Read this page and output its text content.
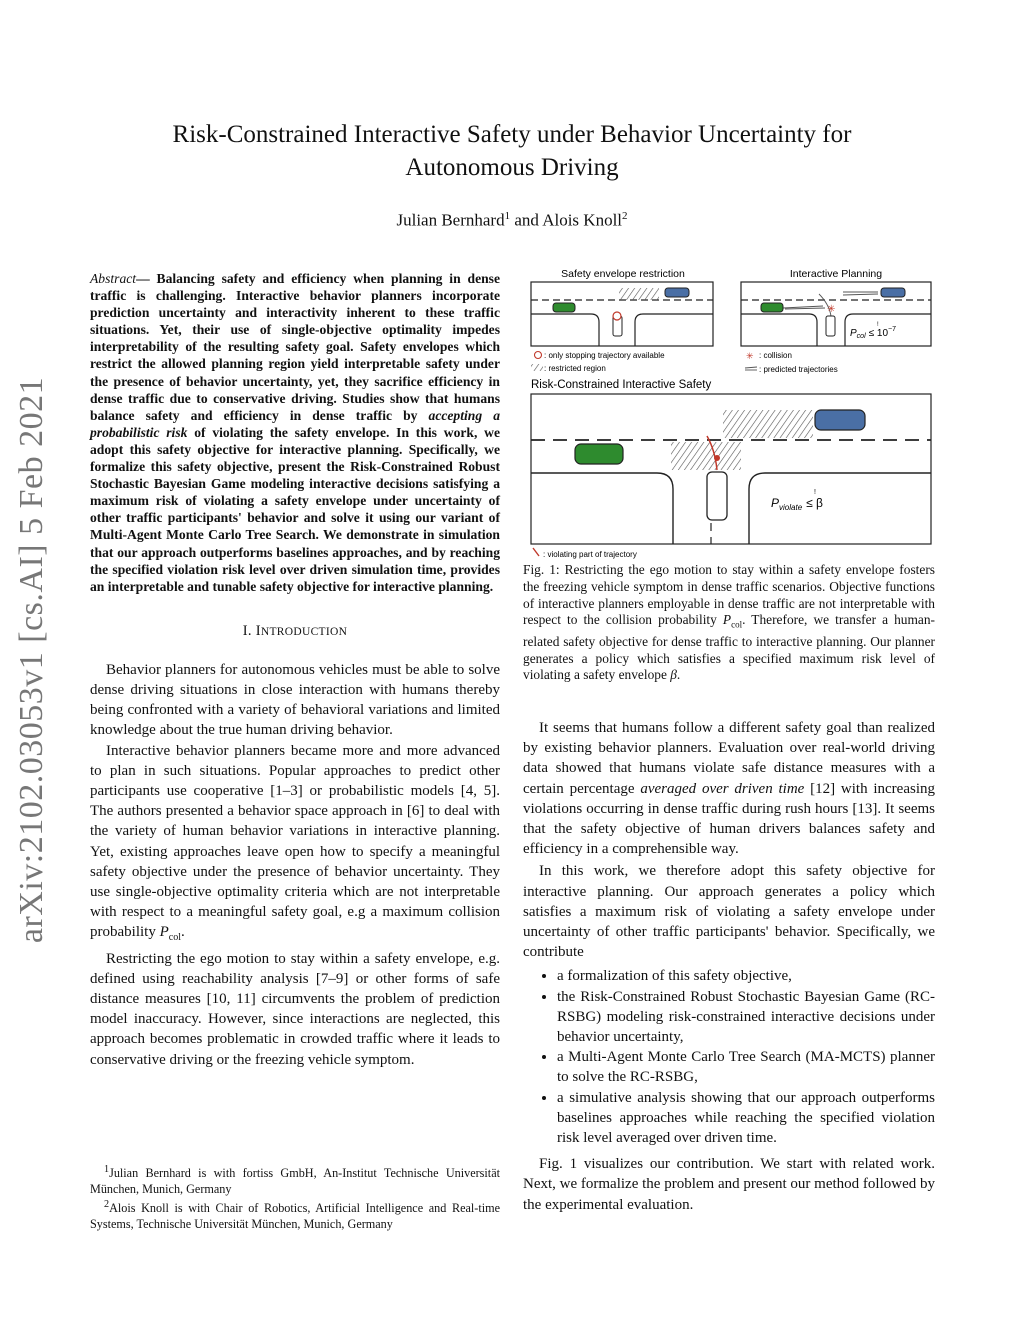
arXiv:2102.03053v1 [cs.AI] 5 Feb 2021
Risk-Constrained Interactive Safety under Behavior Uncertainty for
Autonomous Driving
Julian Bernhard$^1$ and Alois Knoll$^2$

Abstract— Balancing safety and efficiency when planning in dense traffic is challenging. Interactive behavior planners incorporate prediction uncertainty and interactivity inherent to these traffic situations. Yet, their use of single-objective optimality impedes interpretability of the resulting safety goal. Safety envelopes which restrict the allowed planning region yield interpretable safety under the presence of behavior uncertainty, yet, they sacrifice efficiency in dense traffic due to conservative driving. Studies show that humans balance safety and efficiency in dense traffic by accepting a probabilistic risk of violating the safety envelope. In this work, we adopt this safety objective for interactive planning. Specifically, we formalize this safety objective, present the Risk-Constrained Robust Stochastic Bayesian Game modeling interactive decisions satisfying a maximum risk of violating a safety envelope under uncertainty of other traffic participants' behavior and solve it using our variant of Multi-Agent Monte Carlo Tree Search. We demonstrate in simulation that our approach outperforms baselines approaches, and by reaching the specified violation risk level over driven simulation time, provides an interpretable and tunable safety objective for interactive planning.

I. INTRODUCTION

Behavior planners for autonomous vehicles must be able to solve dense driving situations in close interaction with humans thereby being confronted with a variety of behavioral variations and limited knowledge about the true human driving behavior.

Interactive behavior planners became more and more advanced to plan in such situations. Popular approaches to predict other participants use cooperative [1–3] or probabilistic models [4, 5]. The authors presented a behavior space approach in [6] to deal with the variety of human behavior variations in interactive planning. Yet, existing approaches leave open how to specify a meaningful safety objective under the presence of behavior uncertainty. They use single-objective optimality criteria which are not interpretable with respect to a meaningful safety goal, e.g a maximum collision probability $P_{col}$.

Restricting the ego motion to stay within a safety envelope, e.g. defined using reachability analysis [7–9] or other forms of safe distance measures [10, 11] circumvents the problem of prediction model inaccuracy. However, since interactions are neglected, this approach becomes problematic in crowded traffic where it leads to conservative driving or the freezing vehicle symptom.

$^1$Julian Bernhard is with fortiss GmbH, An-Institut Technische Universität München, Munich, Germany

$^2$Alois Knoll is with Chair of Robotics, Artificial Intelligence and Real-time Systems, Technische Universität München, Munich, Germany

Safety envelope restriction	Interactive Planning
✳
$P_{col} \le 10^{-7}$
!
: only stopping trajectory available
: restricted region
✳ : collision
: predicted trajectories
Risk-Constrained Interactive Safety
$P_{violate} \le \beta$
!
: violating part of trajectory

Fig. 1: Restricting the ego motion to stay within a safety envelope fosters the freezing vehicle symptom in dense traffic scenarios. Objective functions of interactive planners employable in dense traffic are not interpretable with respect to the collision probability $P_{col}$. Therefore, we transfer a human-related safety objective for dense traffic to interactive planning. Our planner generates a policy which satisfies a specified maximum risk level of violating a safety envelope β.

It seems that humans follow a different safety goal than realized by existing behavior planners. Evaluation over real-world driving data showed that humans violate safe distance measures with a certain percentage averaged over driven time [12] with increasing violations occurring in dense traffic during rush hours [13]. It seems that the safety objective of human drivers balances safety and efficiency in a comprehensible way.

In this work, we therefore adopt this safety objective for interactive planning. Our approach generates a policy which satisfies a maximum risk of violating a safety envelope under uncertainty of other traffic participants' behavior. Specifically, we contribute

• a formalization of this safety objective,
• the Risk-Constrained Robust Stochastic Bayesian Game (RC-RSBG) modeling risk-constrained interactive decisions under behavior uncertainty,
• a Multi-Agent Monte Carlo Tree Search (MA-MCTS) planner to solve the RC-RSBG,
• a simulative analysis showing that our approach outperforms baselines approaches while reaching the specified violation risk level averaged over driven time.

Fig. 1 visualizes our contribution. We start with related work. Next, we formalize the problem and present our method followed by the experimental evaluation.
